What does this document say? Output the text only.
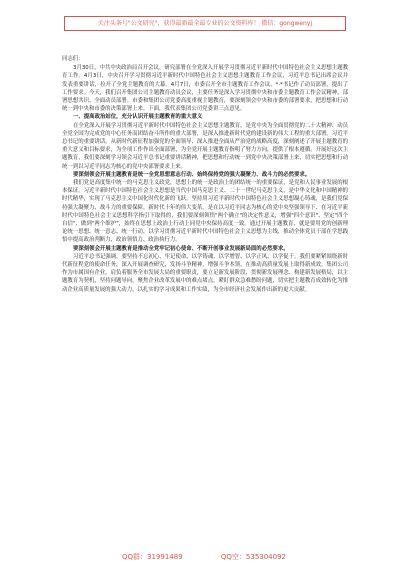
关注头条号"公文研究"，获得最新最全最专业的公文资料库！ 微信：gongwenyj

同志们：

3月30日，中共中央政治局召开会议，研究部署在全党深入开展学习贯彻习近平新时代中国特色社会主义思想主题教育工作。4月3日，中央召开学习贯彻习近平新时代中国特色社会主义思想主题教育工作会议，习近平总书记出席会议并发表重要讲话，拉开了全党主题教育的大幕。4月7日，市委召开全市主题教育工作会议，*·*书记作了动员部署，提出了工作要求。今天，我们召开集团公司主题教育动员会议，主要任务是深入学习贯彻中央和市委主题教育工作会议精神，部署思想共识、全面动员部署。市委和集团公司党委高度重视主题教育，要深刻领会中央和市委的部署要求，把思想和行动统一到中央和市委的决策部署上来。下面，我代表集团公司党委讲三点意见。

一、提高政治站位，充分认识开展主题教育的重大意义

在全党深入开展学习贯彻习近平新时代中国特色社会主义思想主题教育，是党中央为全面贯彻党的二十大精神、动员全党全国为完成党的中心任务而团结奋斗所作的重大部署，是深入推进新时代党的建设新的伟大工程的重大部署。习近平总书记的重要讲话，从新时代新征程加强党的全面领导、深入推进全面从严治党的战略高度，深刻阐述了开展主题教育的重大意义和目标要求，为全项工作作出全面部署，为全党开展主题教育指明了努力方向，提供了根本遵循。开展好这次主题教育，我们要深刻学习领会习近平总书记重要讲话精神，把思想和行动统一到党中央决策部署上来，切实把思想和行动统一到以习近平同志为核心的党中央部署要求上来。

要深刻领会开展主题教育是统一全党思想意志行动、始终保持党的强大凝聚力、战斗力的必然要求。

我们党是高度集中统一的马克思主义政党，思想上的统一是政治上的团结统一的重要保证，是党和人民事业发展的根本保证。习近平新时代中国特色社会主义思想是当代中国马克思主义、二十一世纪马克思主义，是中华文化和中国精神的时代精华，实现了马克思主义中国化时代化新的飞跃。坚持用习近平新时代中国特色社会主义思想凝心铸魂，是我们党保持强大凝聚力、战斗力的重要保障。新时代十年的伟大变革，是在以习近平同志为核心的党中央坚强领导下、在习近平新时代中国特色社会主义思想科学指引下取得的，我们要深刻领悟"两个确立"的决定性意义，增强"四个意识"、坚定"四个自信"、做到"两个维护"，始终在思想上政治上行动上同党中央保持高度一致。通过开展主题教育，就是要用党的创新理论统一思想、统一意志、统一行动，以学习贯彻习近平新时代中国特色社会主义思想为主线，推动全体党员干部在学思践悟中提高政治判断力、政治领悟力、政治执行力。

要深刻领会开展主题教育是推动全党牢记初心使命、不断开创事业发展新局面的必然要求。

习近平总书记强调，要坚持不忘初心、牢记使命，以学铸魂、以学增智、以学正风、以学促干。我们要紧紧围绕新时代新征程党的使命任务，深入开展调查研究，发扬斗争精神，增强斗争本领，在推动高质量发展上取得新成效。集团公司作为市属国有企业，肩负着服务全市发展大局的重要职责，要立足新发展阶段、贯彻新发展理念、构建新发展格局，以主题教育为契机，坚持问题导向，聚焦企业改革发展中的难点堵点，紧盯群众急难愁盼问题，切实把主题教育成效转化为推动企业高质量发展的强大动力，以扎实的学习成果和工作实绩，为全市经济社会发展作出新的更大贡献。

QQ群：31991489	QQ空：535304092
